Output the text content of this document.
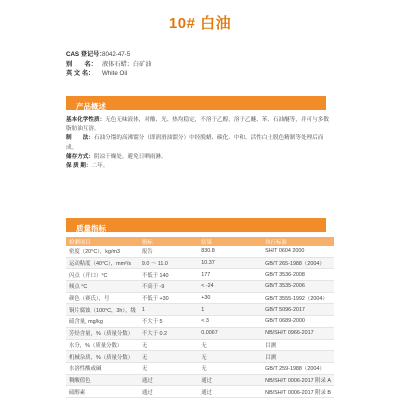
10# 白油
CAS 登记号：
8042-47-5
别　　名： 液体石蜡；白矿油
英 文 名：	White Oil
产品概述
基本化学性质：无色无味液体，对酸、光、热均稳定，不溶于乙醇，溶于乙醚、苯、石油醚等，并可与多数脂肪油互溶。
制　　法：石油分馏的高沸馏分（即润滑油馏分）中经脱蜡、碳化、中和、活性白土脱色精制等处理后而成。
储存方式：阴凉干燥处，避免日晒雨淋。
保 质 期：二年。
质量指标
检测项目	指标	结果	执行标准
密度（20°C），kg/m3	报告	830.8	SH/T 0604 2000
运动粘度（40°C），mm²/s	9.0 ～ 11.0	10.37	GB/T 265-1988（2004）
闪点（开口）°C	不低于 140	177	GB/T 3536-2008
倾点 °C	不高于 -9	< -24	GB/T 3535-2006
颜色（赛氏），号	不低于 +30	+30	GB/T 3555-1992（2004）
铜片腐蚀（100°C，3h），级	1	1	GB/T 5096-2017
硫含量, mg/kg	不大于 5	< 3	GB/T 0689-2000
芳烃含量，%（质量分数）	不大于 0.2	0.0067	NB/SH/T 0966-2017
水分，%（质量分数）	无	无	目测
机械杂质，%（质量分数）	无	无	目测
水溶性酸或碱	无	无	GB/T 259-1988（2004）
稠酸值色	通过	通过	NB/SH/T 0006-2017 附录 A
硫醇素	通过	通过	NB/SH/T 0006-2017 附录 B
